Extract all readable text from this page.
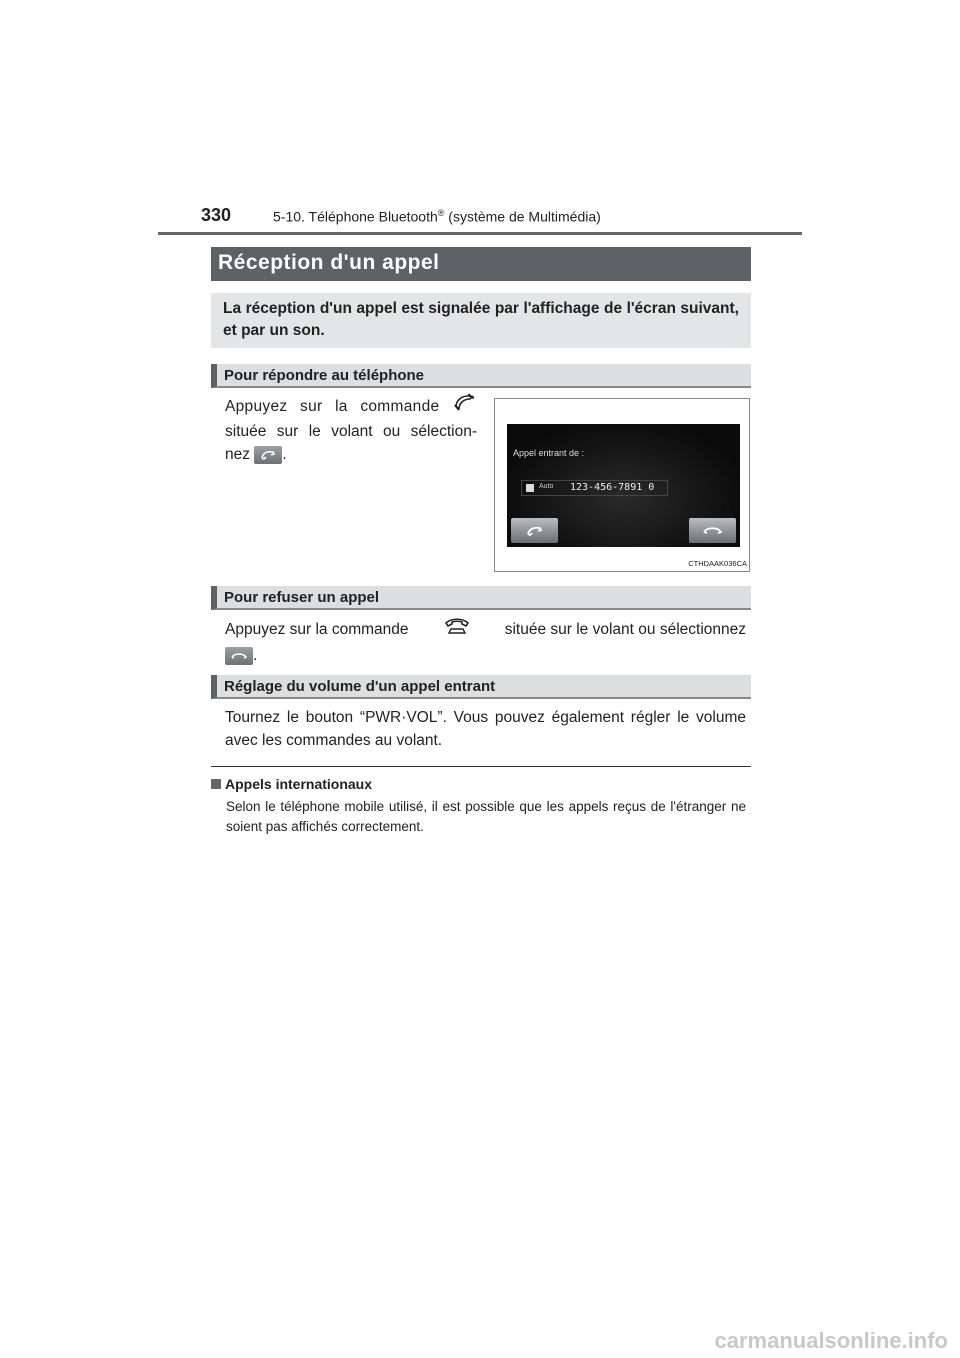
330	5-10. Téléphone Bluetooth® (système de Multimédia)
Réception d'un appel

La réception d'un appel est signalée par l'affichage de l'écran suivant, et par un son.

Pour répondre au téléphone
Appuyez sur la commande
située sur le volant ou sélection-
nez .	Appel entrant de :
Auto 123-456-7891 0
CTHDAAK036CA
Pour refuser un appel
Appuyez sur la commande	située sur le volant ou sélectionnez
.
Réglage du volume d'un appel entrant
Tournez le bouton “PWR·VOL”. Vous pouvez également régler le volume avec les commandes au volant.
Appels internationaux
Selon le téléphone mobile utilisé, il est possible que les appels reçus de l'étranger ne soient pas affichés correctement.
carmanualsonline.info
